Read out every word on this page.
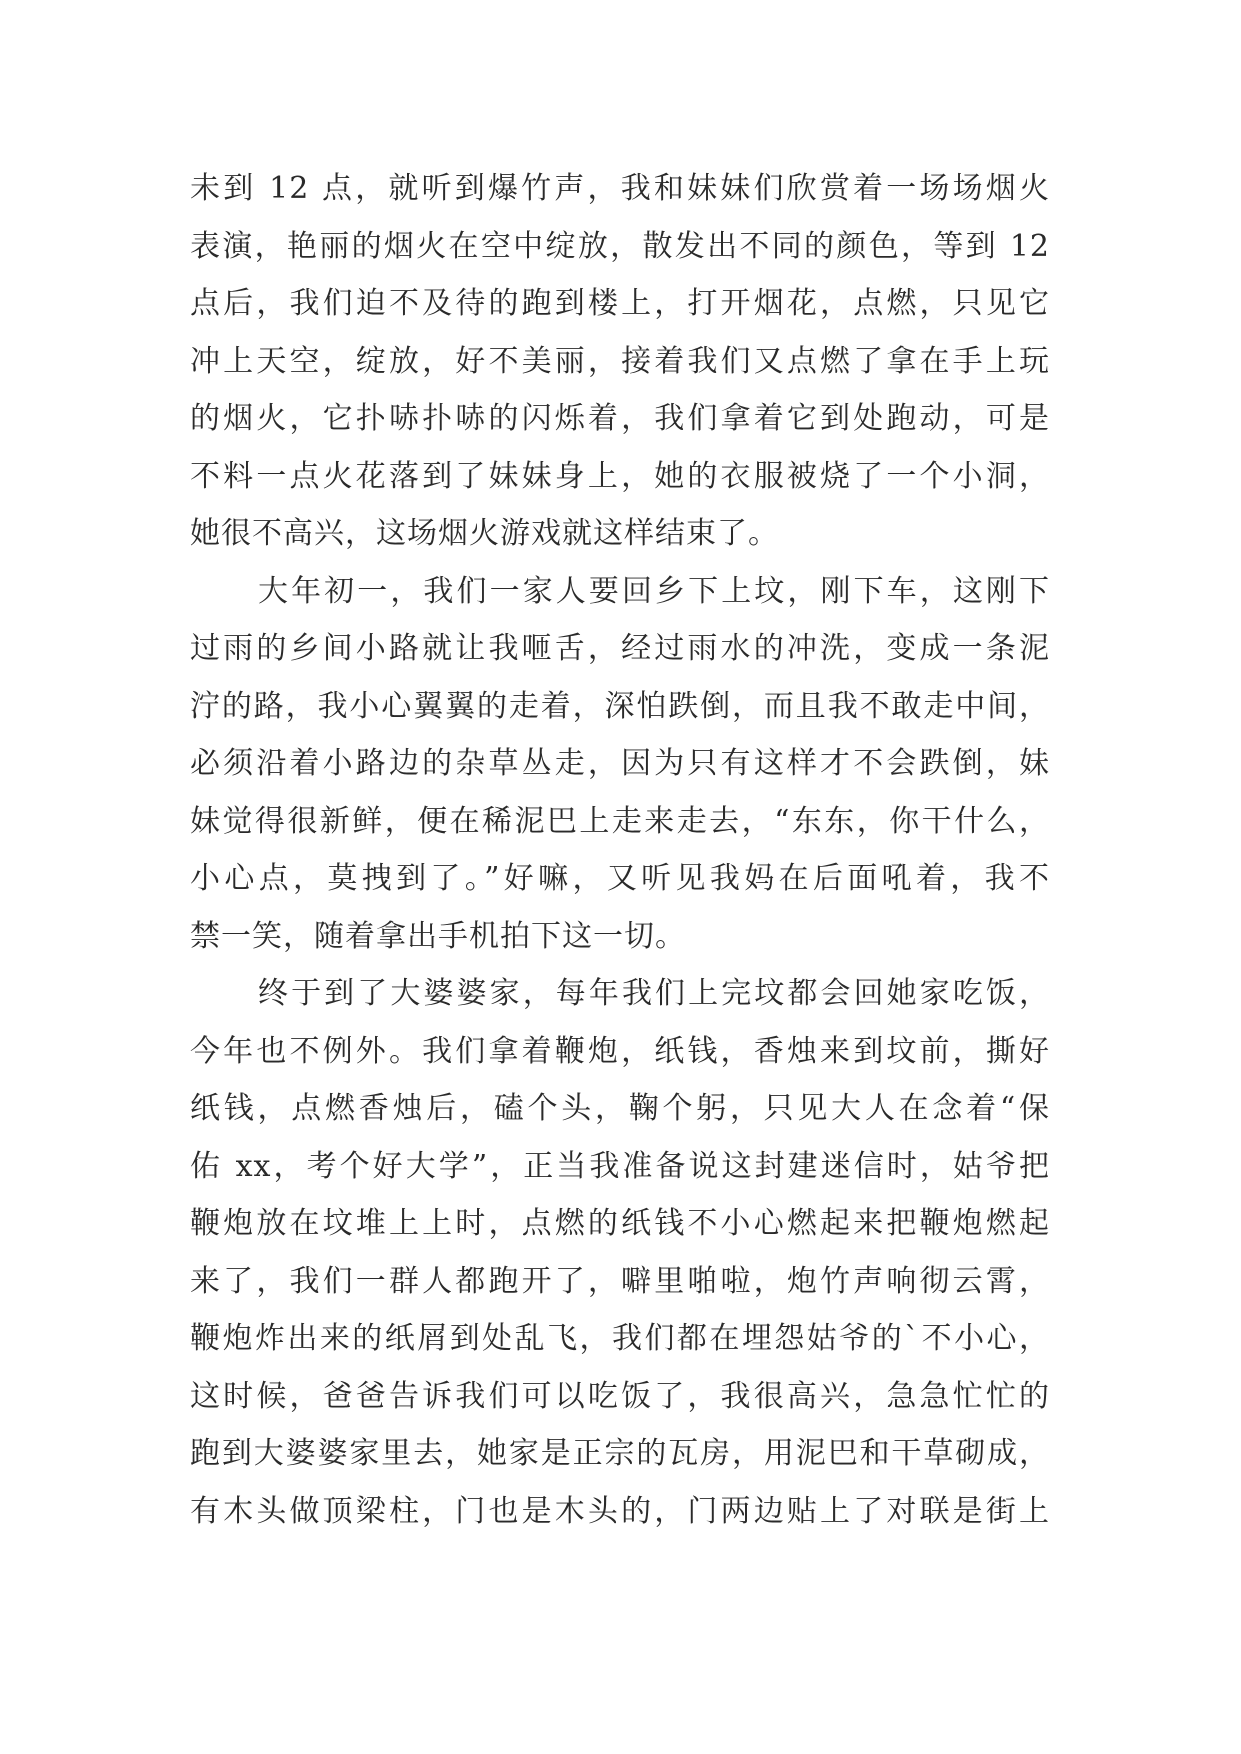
未到 12 点，就听到爆竹声，我和妹妹们欣赏着一场场烟火
表演，艳丽的烟火在空中绽放，散发出不同的颜色，等到 12
点后，我们迫不及待的跑到楼上，打开烟花，点燃，只见它
冲上天空，绽放，好不美丽，接着我们又点燃了拿在手上玩
的烟火，它扑哧扑哧的闪烁着，我们拿着它到处跑动，可是
不料一点火花落到了妹妹身上，她的衣服被烧了一个小洞，
她很不高兴，这场烟火游戏就这样结束了。
大年初一，我们一家人要回乡下上坟，刚下车，这刚下
过雨的乡间小路就让我咂舌，经过雨水的冲洗，变成一条泥
泞的路，我小心翼翼的走着，深怕跌倒，而且我不敢走中间，
必须沿着小路边的杂草丛走，因为只有这样才不会跌倒，妹
妹觉得很新鲜，便在稀泥巴上走来走去，“东东，你干什么，
小心点，莫拽到了。”好嘛，又听见我妈在后面吼着，我不
禁一笑，随着拿出手机拍下这一切。
终于到了大婆婆家，每年我们上完坟都会回她家吃饭，
今年也不例外。我们拿着鞭炮，纸钱，香烛来到坟前，撕好
纸钱，点燃香烛后，磕个头，鞠个躬，只见大人在念着“保
佑 xx，考个好大学”，正当我准备说这封建迷信时，姑爷把
鞭炮放在坟堆上上时，点燃的纸钱不小心燃起来把鞭炮燃起
来了，我们一群人都跑开了，噼里啪啦，炮竹声响彻云霄，
鞭炮炸出来的纸屑到处乱飞，我们都在埋怨姑爷的`不小心，
这时候，爸爸告诉我们可以吃饭了，我很高兴，急急忙忙的
跑到大婆婆家里去，她家是正宗的瓦房，用泥巴和干草砌成，
有木头做顶梁柱，门也是木头的，门两边贴上了对联是街上
